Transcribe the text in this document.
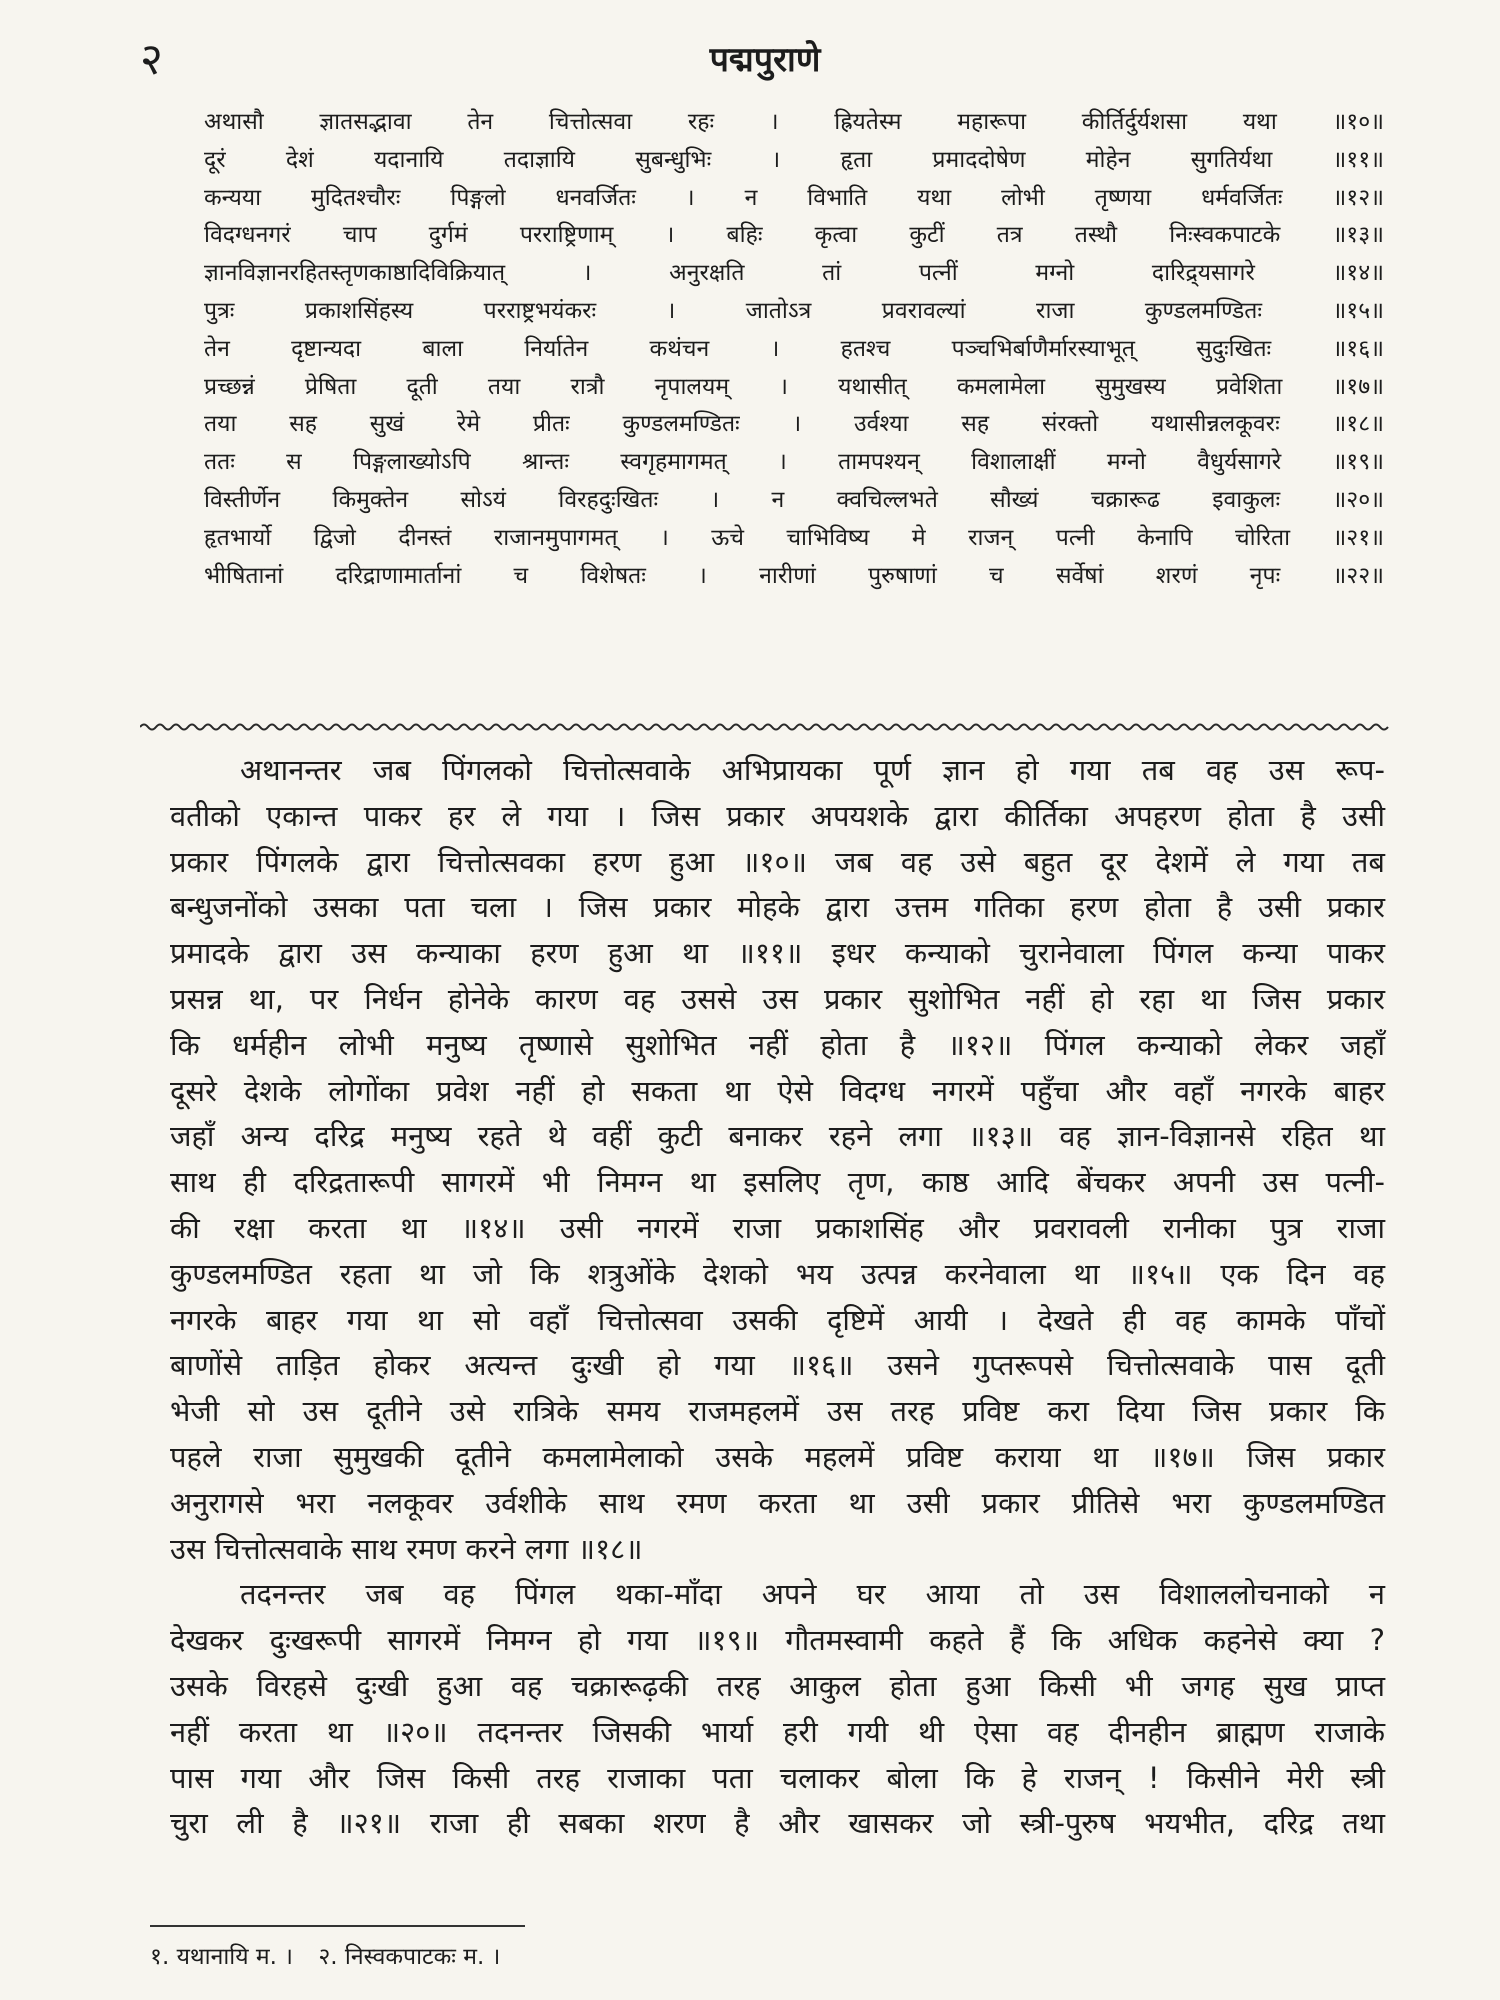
२	पद्मपुराणे
अथासौ ज्ञातसद्भावा तेन चित्तोत्सवा रहः । ह्रियतेस्म महारूपा कीर्तिर्दुर्यशसा यथा ॥१०॥
दूरं देशं यदानायि तदाज्ञायि सुबन्धुभिः । हृता प्रमाददोषेण मोहेन सुगतिर्यथा ॥११॥
कन्यया मुदितश्चौरः पिङ्गलो धनवर्जितः । न विभाति यथा लोभी तृष्णया धर्मवर्जितः ॥१२॥
विदग्धनगरं चाप दुर्गमं परराष्ट्रिणाम् । बहिः कृत्वा कुटीं तत्र तस्थौ निःस्वकपाटके ॥१३॥
ज्ञानविज्ञानरहितस्तृणकाष्ठादिविक्रियात् । अनुरक्षति तां पत्नीं मग्नो दारिद्र्यसागरे ॥१४॥
पुत्रः प्रकाशसिंहस्य परराष्ट्रभयंकरः । जातोऽत्र प्रवरावल्यां राजा कुण्डलमण्डितः ॥१५॥
तेन दृष्टान्यदा बाला निर्यातेन कथंचन । हतश्च पञ्चभिर्बाणैर्मारस्याभूत् सुदुःखितः ॥१६॥
प्रच्छन्नं प्रेषिता दूती तया रात्रौ नृपालयम् । यथासीत् कमलामेला सुमुखस्य प्रवेशिता ॥१७॥
तया सह सुखं रेमे प्रीतः कुण्डलमण्डितः । उर्वश्या सह संरक्तो यथासीन्नलकूवरः ॥१८॥
ततः स पिङ्गलाख्योऽपि श्रान्तः स्वगृहमागमत् । तामपश्यन् विशालाक्षीं मग्नो वैधुर्यसागरे ॥१९॥
विस्तीर्णेन किमुक्तेन सोऽयं विरहदुःखितः । न क्वचिल्लभते सौख्यं चक्रारूढ इवाकुलः ॥२०॥
हृतभार्यो द्विजो दीनस्तं राजानमुपागमत् । ऊचे चाभिविष्य मे राजन् पत्नी केनापि चोरिता ॥२१॥
भीषितानां दरिद्राणामार्तानां च विशेषतः । नारीणां पुरुषाणां च सर्वेषां शरणं नृपः ॥२२॥
अथानन्तर जब पिंगलको चित्तोत्सवाके अभिप्रायका पूर्ण ज्ञान हो गया तब वह उस रूप-
वतीको एकान्त पाकर हर ले गया । जिस प्रकार अपयशके द्वारा कीर्तिका अपहरण होता है उसी
प्रकार पिंगलके द्वारा चित्तोत्सवका हरण हुआ ॥१०॥ जब वह उसे बहुत दूर देशमें ले गया तब
बन्धुजनोंको उसका पता चला । जिस प्रकार मोहके द्वारा उत्तम गतिका हरण होता है उसी प्रकार
प्रमादके द्वारा उस कन्याका हरण हुआ था ॥११॥ इधर कन्याको चुरानेवाला पिंगल कन्या पाकर
प्रसन्न था, पर निर्धन होनेके कारण वह उससे उस प्रकार सुशोभित नहीं हो रहा था जिस प्रकार
कि धर्महीन लोभी मनुष्य तृष्णासे सुशोभित नहीं होता है ॥१२॥ पिंगल कन्याको लेकर जहाँ
दूसरे देशके लोगोंका प्रवेश नहीं हो सकता था ऐसे विदग्ध नगरमें पहुँचा और वहाँ नगरके बाहर
जहाँ अन्य दरिद्र मनुष्य रहते थे वहीं कुटी बनाकर रहने लगा ॥१३॥ वह ज्ञान-विज्ञानसे रहित था
साथ ही दरिद्रतारूपी सागरमें भी निमग्न था इसलिए तृण, काष्ठ आदि बेंचकर अपनी उस पत्नी-
की रक्षा करता था ॥१४॥ उसी नगरमें राजा प्रकाशसिंह और प्रवरावली रानीका पुत्र राजा
कुण्डलमण्डित रहता था जो कि शत्रुओंके देशको भय उत्पन्न करनेवाला था ॥१५॥ एक दिन वह
नगरके बाहर गया था सो वहाँ चित्तोत्सवा उसकी दृष्टिमें आयी । देखते ही वह कामके पाँचों
बाणोंसे ताड़ित होकर अत्यन्त दुःखी हो गया ॥१६॥ उसने गुप्तरूपसे चित्तोत्सवाके पास दूती
भेजी सो उस दूतीने उसे रात्रिके समय राजमहलमें उस तरह प्रविष्ट करा दिया जिस प्रकार कि
पहले राजा सुमुखकी दूतीने कमलामेलाको उसके महलमें प्रविष्ट कराया था ॥१७॥ जिस प्रकार
अनुरागसे भरा नलकूवर उर्वशीके साथ रमण करता था उसी प्रकार प्रीतिसे भरा कुण्डलमण्डित
उस चित्तोत्सवाके साथ रमण करने लगा ॥१८॥
तदनन्तर जब वह पिंगल थका-माँदा अपने घर आया तो उस विशाललोचनाको न
देखकर दुःखरूपी सागरमें निमग्न हो गया ॥१९॥ गौतमस्वामी कहते हैं कि अधिक कहनेसे क्या ?
उसके विरहसे दुःखी हुआ वह चक्रारूढ़की तरह आकुल होता हुआ किसी भी जगह सुख प्राप्त
नहीं करता था ॥२०॥ तदनन्तर जिसकी भार्या हरी गयी थी ऐसा वह दीनहीन ब्राह्मण राजाके
पास गया और जिस किसी तरह राजाका पता चलाकर बोला कि हे राजन् ! किसीने मेरी स्त्री
चुरा ली है ॥२१॥ राजा ही सबका शरण है और खासकर जो स्त्री-पुरुष भयभीत, दरिद्र तथा
१. यथानायि म. । २. निस्वकपाटकः म. ।
